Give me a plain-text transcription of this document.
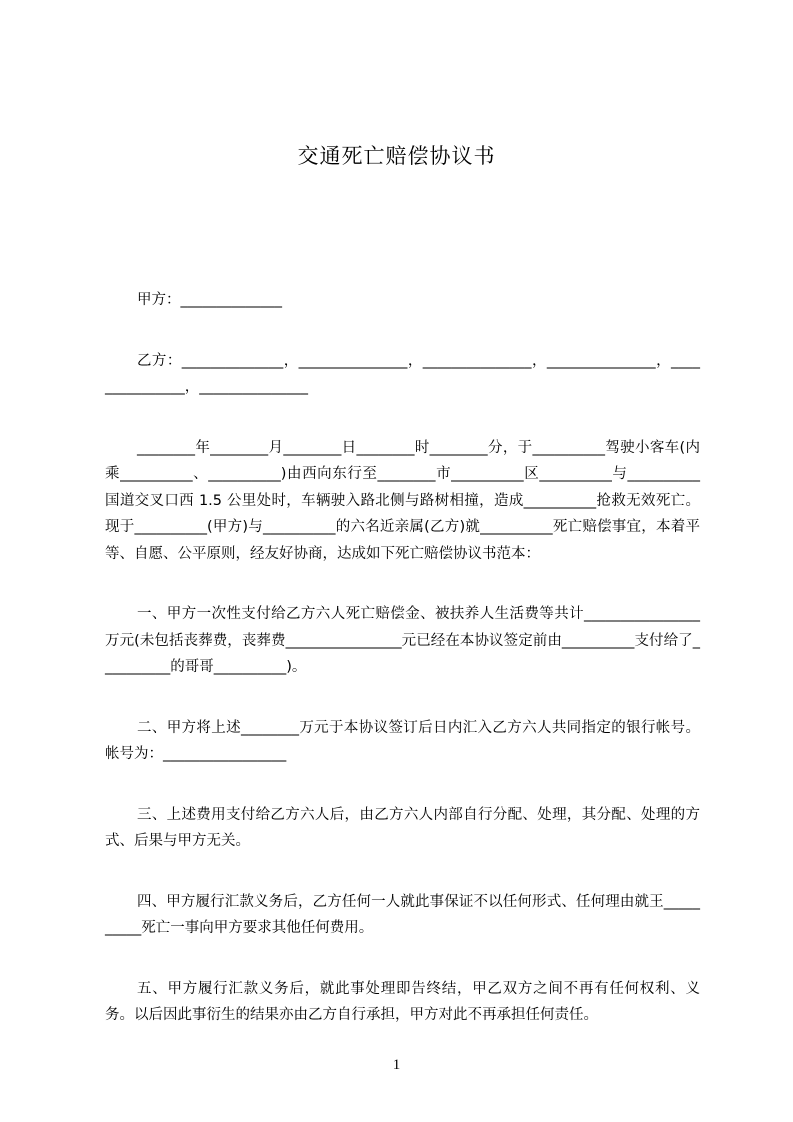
交通死亡赔偿协议书

甲方：______________

乙方：______________，_______________，_______________，_______________，_______________，_______________

________年________月________日________时________分，于__________驾驶小客车(内乘__________、__________)由西向东行至________市__________区__________与__________国道交叉口西 1.5 公里处时，车辆驶入路北侧与路树相撞，造成__________抢救无效死亡。现于__________(甲方)与__________的六名近亲属(乙方)就__________死亡赔偿事宜，本着平等、自愿、公平原则，经友好协商，达成如下死亡赔偿协议书范本：

一、甲方一次性支付给乙方六人死亡赔偿金、被扶养人生活费等共计________________万元(未包括丧葬费，丧葬费________________元已经在本协议签定前由__________支付给了__________的哥哥__________)。

二、甲方将上述________万元于本协议签订后日内汇入乙方六人共同指定的银行帐号。帐号为：_________________

三、上述费用支付给乙方六人后，由乙方六人内部自行分配、处理，其分配、处理的方式、后果与甲方无关。

四、甲方履行汇款义务后，乙方任何一人就此事保证不以任何形式、任何理由就王__________死亡一事向甲方要求其他任何费用。

五、甲方履行汇款义务后，就此事处理即告终结，甲乙双方之间不再有任何权利、义务。以后因此事衍生的结果亦由乙方自行承担，甲方对此不再承担任何责任。

1
